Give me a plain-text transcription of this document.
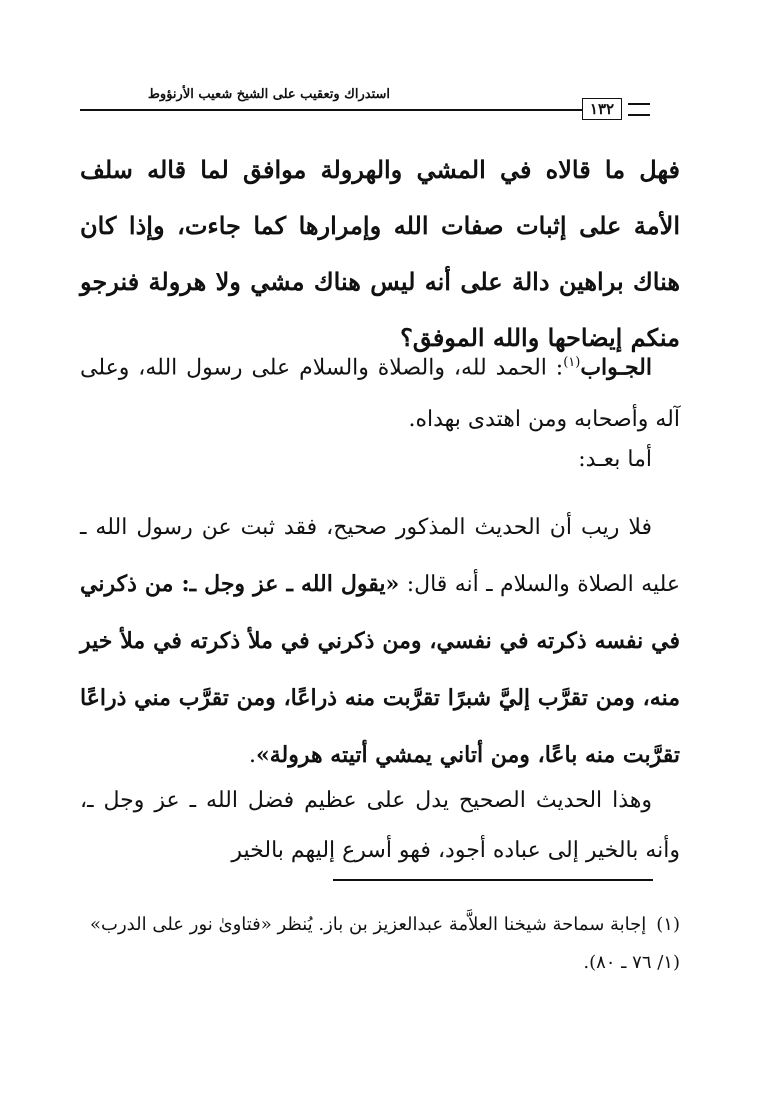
استدراك وتعقيب على الشيخ شعيب الأرنؤوط
١٣٢
فهل ما قالاه في المشي والهرولة موافق لما قاله سلف الأمة على إثبات صفات الله وإمرارها كما جاءت، وإذا كان هناك براهين دالة على أنه ليس هناك مشي ولا هرولة فنرجو منكم إيضاحها والله الموفق؟
الجـواب$^{(١)}$: الحمد لله، والصلاة والسلام على رسول الله، وعلى آله وأصحابه ومن اهتدى بهداه.
أما بعـد:
فلا ريب أن الحديث المذكور صحيح، فقد ثبت عن رسول الله ـ عليه الصلاة والسلام ـ أنه قال: «يقول الله ـ عز وجل ـ: من ذكرني في نفسه ذكرته في نفسي، ومن ذكرني في ملأ ذكرته في ملأ خير منه، ومن تقرَّب إليَّ شبرًا تقرَّبت منه ذراعًا، ومن تقرَّب مني ذراعًا تقرَّبت منه باعًا، ومن أتاني يمشي أتيته هرولة».
وهذا الحديث الصحيح يدل على عظيم فضل الله ـ عز وجل ـ، وأنه بالخير إلى عباده أجود، فهو أسرع إليهم بالخير
(١)إجابة سماحة شيخنا العلاَّمة عبدالعزيز بن باز. يُنظر «فتاوىٰ نور على الدرب» (١/ ٧٦ ـ ٨٠).
